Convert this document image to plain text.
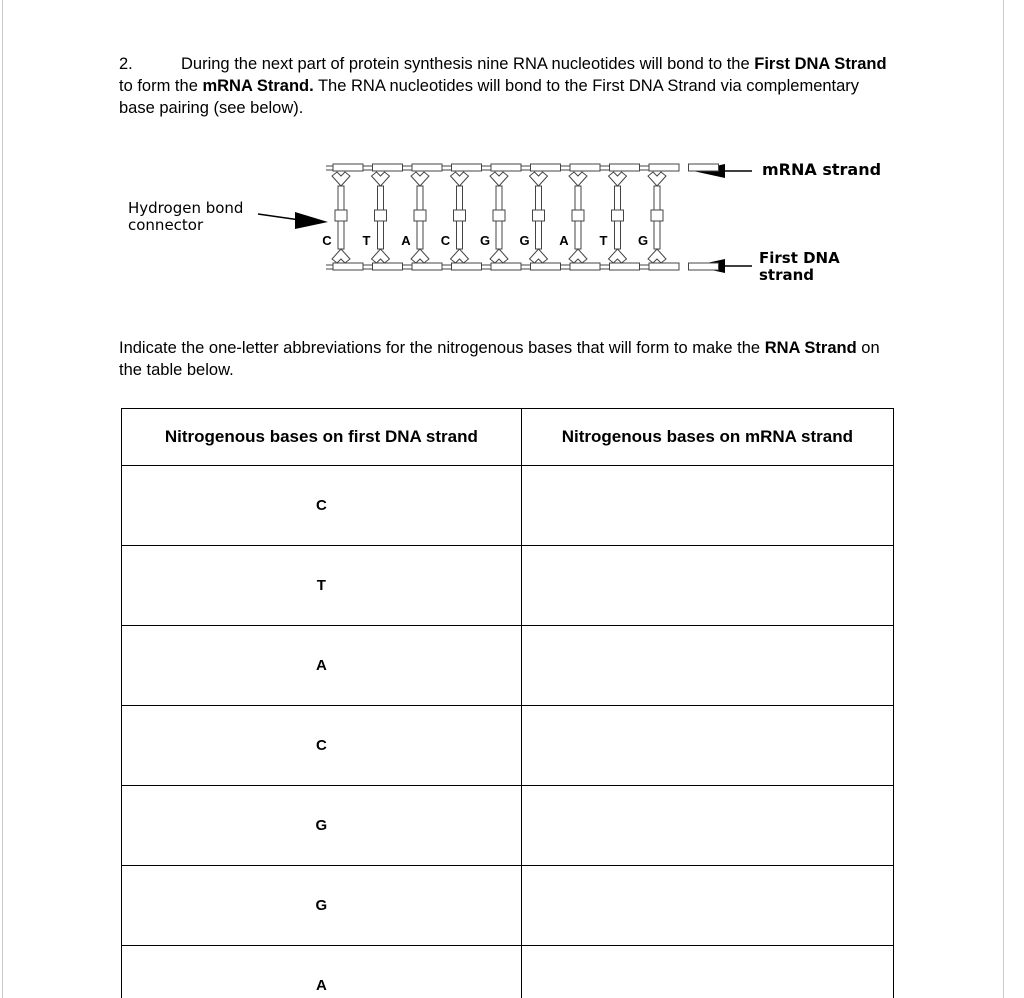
2.	During the next part of protein synthesis nine RNA nucleotides will bond to the First DNA Strand to form the mRNA Strand. The RNA nucleotides will bond to the First DNA Strand via complementary base pairing (see below).
Hydrogen bond
connector
mRNA strand
First DNA
strand
C T A C G G A T G
Indicate the one-letter abbreviations for the nitrogenous bases that will form to make the RNA Strand on the table below.
Nitrogenous bases on first DNA strand	Nitrogenous bases on mRNA strand
C	
T	
A	
C	
G	
G	
A	
